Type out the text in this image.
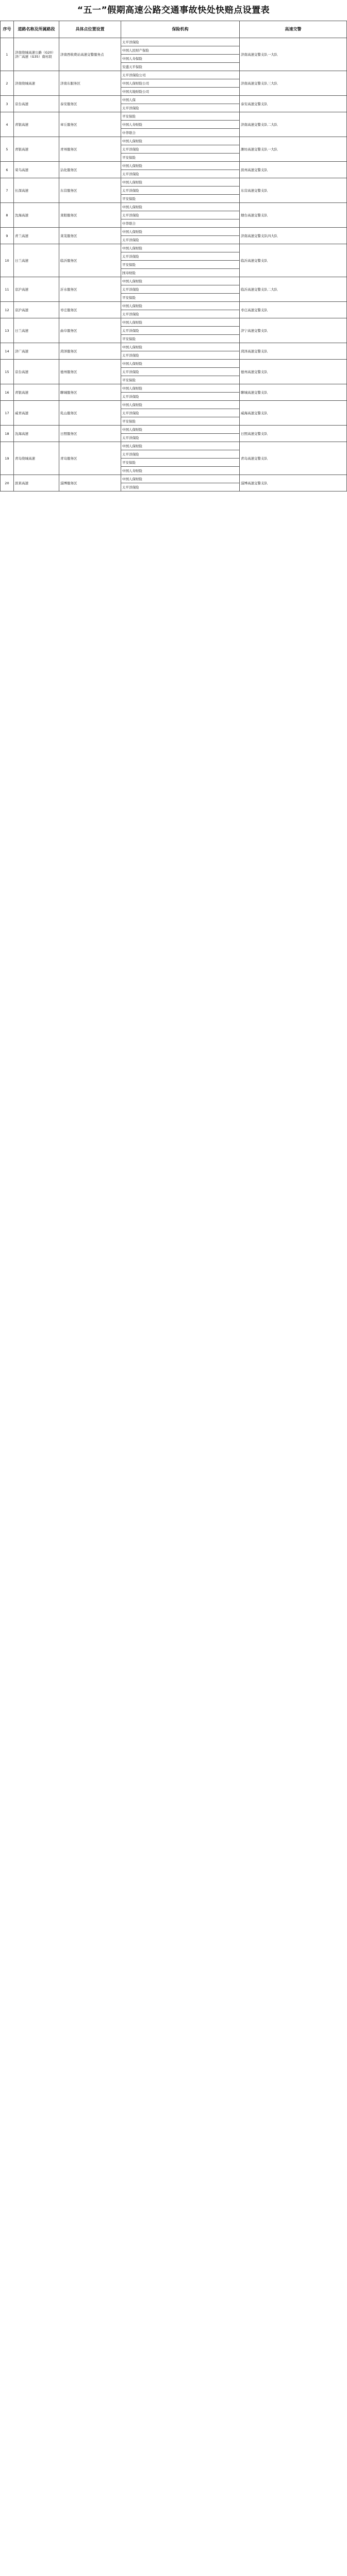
“五一”假期高速公路交通事故快处快赔点设置表
序号	道路名称及所属路段	具体点位置设置	保险机构	高速交警
1	济南绕城高速公路（G20）济广高速（G35）南村段	济南西收费站高速交警服务点	太平洋保险	济南高速交警支队一大队
			中国人民财产保险	
			中国人寿保险	
			安盛天平保险	
2	济南绕城高速	济南东服务区	太平洋保险公司	济南高速交警支队三大队
			中国人保财险公司	
			中国大地财险公司	
3	京台高速	泰安服务区	中国人保	泰安高速交警支队
			太平洋保险	
4	青银高速	章丘服务区	平安保险	济南高速交警支队二大队
			中国人寿财险	
			中华联合	
5	青银高速	青州服务区	中国人保财险	潍坊高速交警支队一大队
			太平洋保险	
			平安保险	
6	荣乌高速	沾化服务区	中国人保财险	滨州高速交警支队
			太平洋保险	
7	长深高速	东营服务区	中国人保财险	东营高速交警支队
			太平洋保险	
			平安保险	
8	沈海高速	莱阳服务区	中国人保财险	烟台高速交警支队
			太平洋保险	
			中华联合	
9	青兰高速	莱芜服务区	中国人保财险	济南高速交警支队四大队
			太平洋保险	
10	日兰高速	临沂服务区	中国人保财险	临沂高速交警支队
			太平洋保险	
			平安保险	
			国寿财险	
11	京沪高速	沂水服务区	中国人保财险	临沂高速交警支队二大队
			太平洋保险	
			平安保险	
12	京沪高速	枣庄服务区	中国人保财险	枣庄高速交警支队
			太平洋保险	
13	日兰高速	曲阜服务区	中国人保财险	济宁高速交警支队
			太平洋保险	
			平安保险	
14	济广高速	菏泽服务区	中国人保财险	菏泽高速交警支队
			太平洋保险	
15	京台高速	德州服务区	中国人保财险	德州高速交警支队
			太平洋保险	
			平安保险	
16	青银高速	聊城服务区	中国人保财险	聊城高速交警支队
			太平洋保险	
17	威青高速	乳山服务区	中国人保财险	威海高速交警支队
			太平洋保险	
			平安保险	
18	沈海高速	日照服务区	中国人保财险	日照高速交警支队
			太平洋保险	
19	青岛绕城高速	青岛服务区	中国人保财险	青岛高速交警支队
			太平洋保险	
			平安保险	
			中国人寿财险	
20	滨莱高速	淄博服务区	中国人保财险	淄博高速交警支队
			太平洋保险	
